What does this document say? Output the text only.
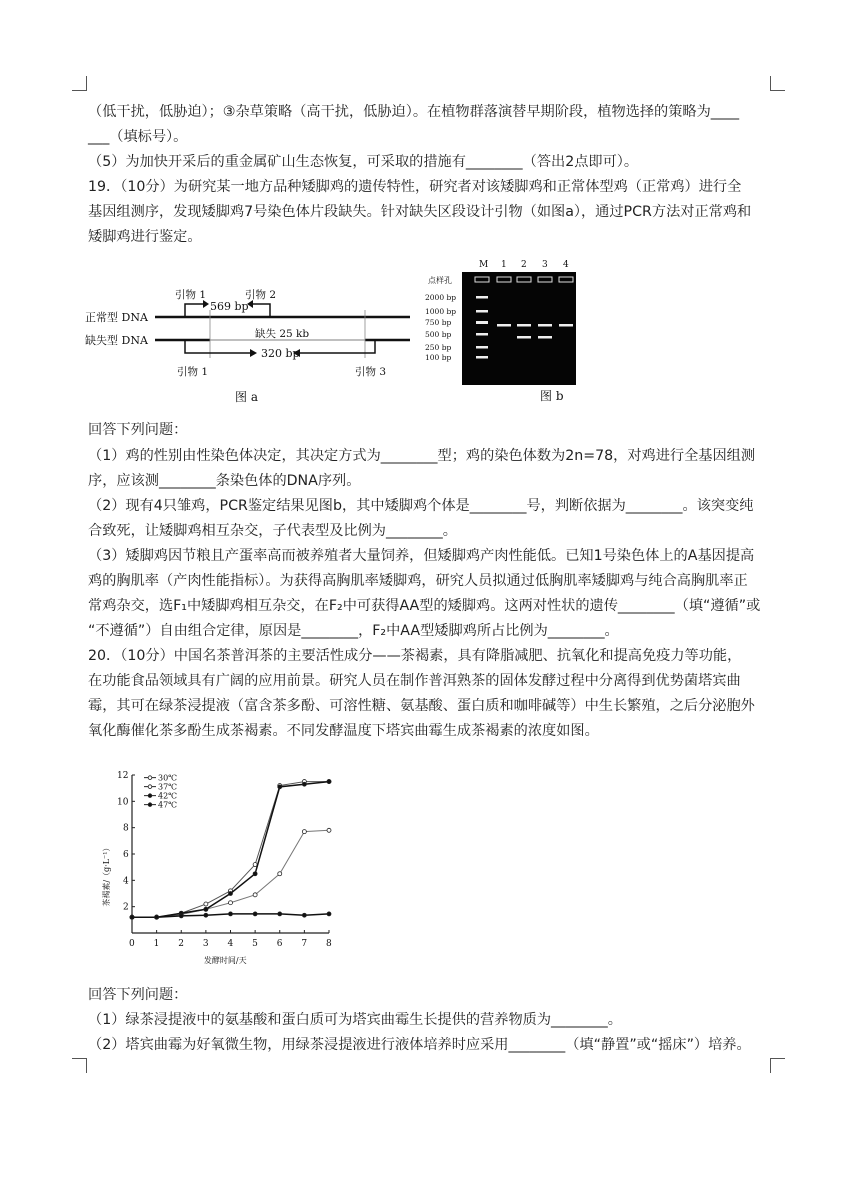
正常型 DNA
缺失型 DNA
引物 1	引物 2
569 bp
缺失 25 kb
引物 1
320 bp
引物 3
图 a	图 b
M 1 2 3 4
点样孔
2000 bp
1000 bp
750 bp
500 bp
250 bp
100 bp
0 1 2 3 4 5 6 7 8
2
4
6
8
10
12
发酵时间/天
茶褐素/（g·L⁻¹）
30℃
37℃
42℃
47℃
（低干扰，低胁迫）；③杂草策略（高干扰，低胁迫）。在植物群落演替早期阶段，植物选择的策略为____
___（填标号）。
（5）为加快开采后的重金属矿山生态恢复，可采取的措施有________（答出2点即可）。
19．（10分）为研究某一地方品种矮脚鸡的遗传特性，研究者对该矮脚鸡和正常体型鸡（正常鸡）进行全
基因组测序，发现矮脚鸡7号染色体片段缺失。针对缺失区段设计引物（如图a），通过PCR方法对正常鸡和
矮脚鸡进行鉴定。
回答下列问题：
（1）鸡的性别由性染色体决定，其决定方式为________型；鸡的染色体数为2n=78，对鸡进行全基因组测
序，应该测________条染色体的DNA序列。
（2）现有4只雏鸡，PCR鉴定结果见图b，其中矮脚鸡个体是________号，判断依据为________。该突变纯
合致死，让矮脚鸡相互杂交，子代表型及比例为________。
（3）矮脚鸡因节粮且产蛋率高而被养殖者大量饲养，但矮脚鸡产肉性能低。已知1号染色体上的A基因提高
鸡的胸肌率（产肉性能指标）。为获得高胸肌率矮脚鸡，研究人员拟通过低胸肌率矮脚鸡与纯合高胸肌率正
常鸡杂交，选F₁中矮脚鸡相互杂交，在F₂中可获得AA型的矮脚鸡。这两对性状的遗传________（填“遵循”或
“不遵循”）自由组合定律，原因是________，F₂中AA型矮脚鸡所占比例为________。
20．（10分）中国名茶普洱茶的主要活性成分——茶褐素，具有降脂减肥、抗氧化和提高免疫力等功能，
在功能食品领域具有广阔的应用前景。研究人员在制作普洱熟茶的固体发酵过程中分离得到优势菌塔宾曲
霉，其可在绿茶浸提液（富含茶多酚、可溶性糖、氨基酸、蛋白质和咖啡碱等）中生长繁殖，之后分泌胞外
氧化酶催化茶多酚生成茶褐素。不同发酵温度下塔宾曲霉生成茶褐素的浓度如图。
回答下列问题：
（1）绿茶浸提液中的氨基酸和蛋白质可为塔宾曲霉生长提供的营养物质为________。
（2）塔宾曲霉为好氧微生物，用绿茶浸提液进行液体培养时应采用________（填“静置”或“摇床”）培养。
